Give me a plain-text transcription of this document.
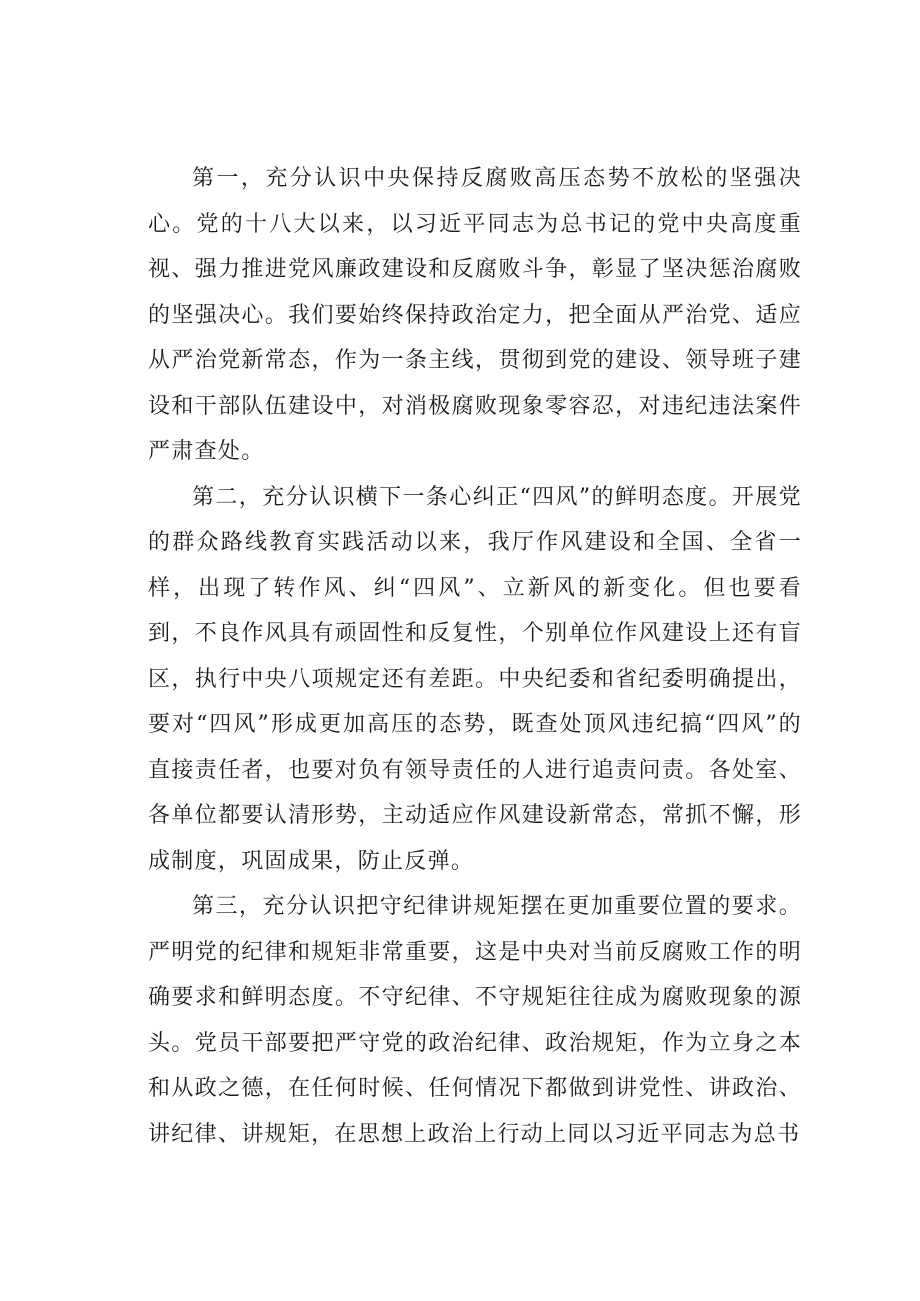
第一，充分认识中央保持反腐败高压态势不放松的坚强决心。党的十八大以来，以习近平同志为总书记的党中央高度重视、强力推进党风廉政建设和反腐败斗争，彰显了坚决惩治腐败的坚强决心。我们要始终保持政治定力，把全面从严治党、适应从严治党新常态，作为一条主线，贯彻到党的建设、领导班子建设和干部队伍建设中，对消极腐败现象零容忍，对违纪违法案件严肃查处。

第二，充分认识横下一条心纠正“四风”的鲜明态度。开展党的群众路线教育实践活动以来，我厅作风建设和全国、全省一样，出现了转作风、纠“四风”、立新风的新变化。但也要看到，不良作风具有顽固性和反复性，个别单位作风建设上还有盲区，执行中央八项规定还有差距。中央纪委和省纪委明确提出，要对“四风”形成更加高压的态势，既查处顶风违纪搞“四风”的直接责任者，也要对负有领导责任的人进行追责问责。各处室、各单位都要认清形势，主动适应作风建设新常态，常抓不懈，形成制度，巩固成果，防止反弹。

第三，充分认识把守纪律讲规矩摆在更加重要位置的要求。严明党的纪律和规矩非常重要，这是中央对当前反腐败工作的明确要求和鲜明态度。不守纪律、不守规矩往往成为腐败现象的源头。党员干部要把严守党的政治纪律、政治规矩，作为立身之本和从政之德，在任何时候、任何情况下都做到讲党性、讲政治、讲纪律、讲规矩，在思想上政治上行动上同以习近平同志为总书
